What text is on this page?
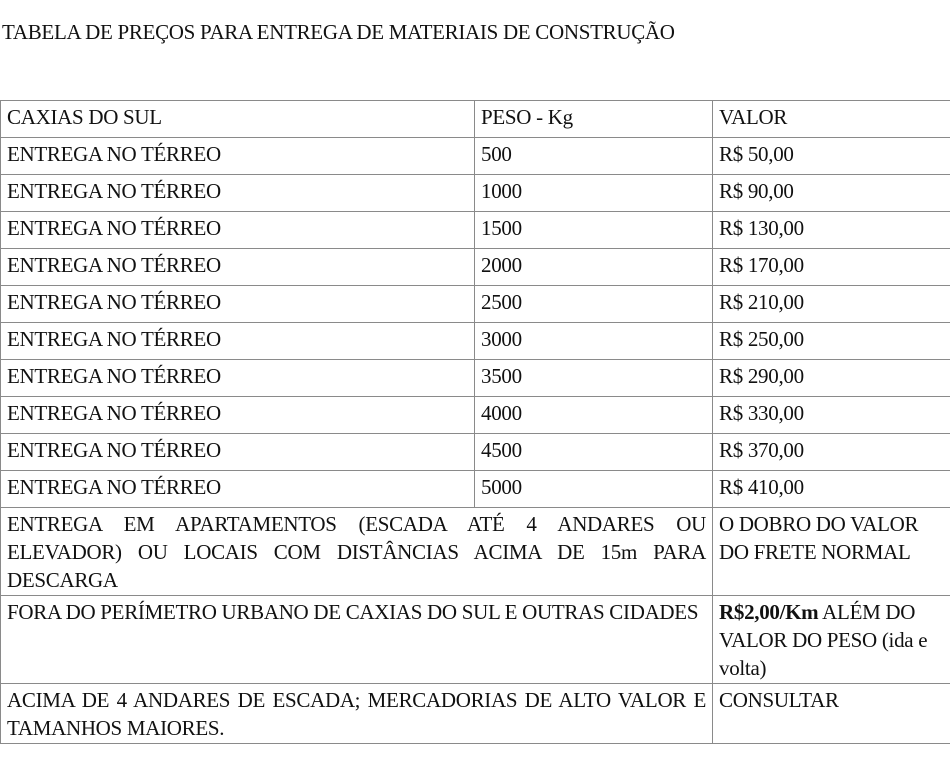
TABELA DE PREÇOS PARA ENTREGA DE MATERIAIS DE CONSTRUÇÃO
CAXIAS DO SUL	PESO - Kg	VALOR
ENTREGA NO TÉRREO	500	R$ 50,00
ENTREGA NO TÉRREO	1000	R$ 90,00
ENTREGA NO TÉRREO	1500	R$ 130,00
ENTREGA NO TÉRREO	2000	R$ 170,00
ENTREGA NO TÉRREO	2500	R$ 210,00
ENTREGA NO TÉRREO	3000	R$ 250,00
ENTREGA NO TÉRREO	3500	R$ 290,00
ENTREGA NO TÉRREO	4000	R$ 330,00
ENTREGA NO TÉRREO	4500	R$ 370,00
ENTREGA NO TÉRREO	5000	R$ 410,00
ENTREGA EM APARTAMENTOS (ESCADA ATÉ 4 ANDARES OU ELEVADOR) OU LOCAIS COM DISTÂNCIAS ACIMA DE 15m PARA DESCARGA		O DOBRO DO VALOR DO FRETE NORMAL
FORA DO PERÍMETRO URBANO DE CAXIAS DO SUL E OUTRAS CIDADES		R$2,00/Km ALÉM DO VALOR DO PESO (ida e volta)
ACIMA DE 4 ANDARES DE ESCADA; MERCADORIAS DE ALTO VALOR E TAMANHOS MAIORES.		CONSULTAR
